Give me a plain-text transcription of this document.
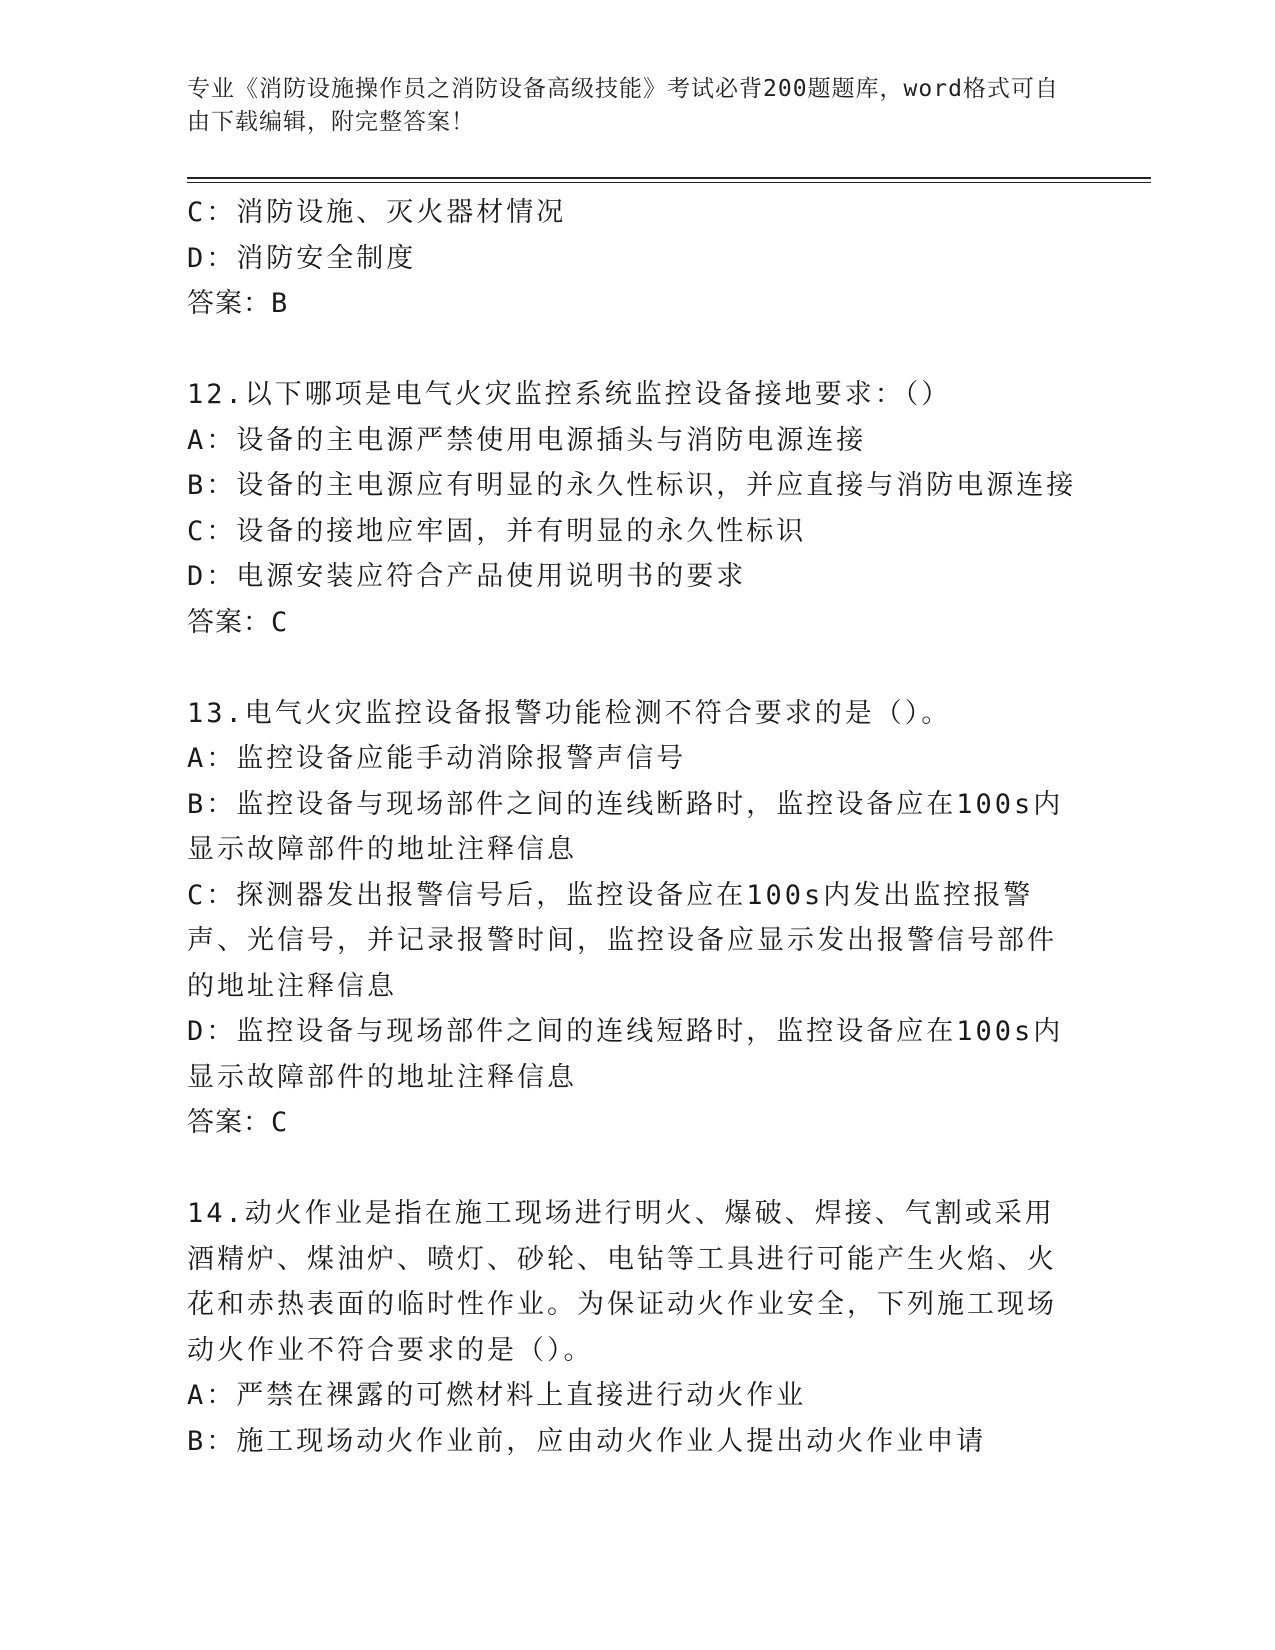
专业《消防设施操作员之消防设备高级技能》考试必背200题题库，word格式可自由下载编辑，附完整答案！

C：消防设施、灭火器材情况

D：消防安全制度

答案：B

12.以下哪项是电气火灾监控系统监控设备接地要求：（）

A：设备的主电源严禁使用电源插头与消防电源连接

B：设备的主电源应有明显的永久性标识，并应直接与消防电源连接

C：设备的接地应牢固，并有明显的永久性标识

D：电源安装应符合产品使用说明书的要求

答案：C

13.电气火灾监控设备报警功能检测不符合要求的是（）。

A：监控设备应能手动消除报警声信号

B：监控设备与现场部件之间的连线断路时，监控设备应在100s内显示故障部件的地址注释信息

C：探测器发出报警信号后，监控设备应在100s内发出监控报警声、光信号，并记录报警时间，监控设备应显示发出报警信号部件的地址注释信息

D：监控设备与现场部件之间的连线短路时，监控设备应在100s内显示故障部件的地址注释信息

答案：C

14.动火作业是指在施工现场进行明火、爆破、焊接、气割或采用酒精炉、煤油炉、喷灯、砂轮、电钻等工具进行可能产生火焰、火花和赤热表面的临时性作业。为保证动火作业安全，下列施工现场动火作业不符合要求的是（）。

A：严禁在裸露的可燃材料上直接进行动火作业

B：施工现场动火作业前，应由动火作业人提出动火作业申请
